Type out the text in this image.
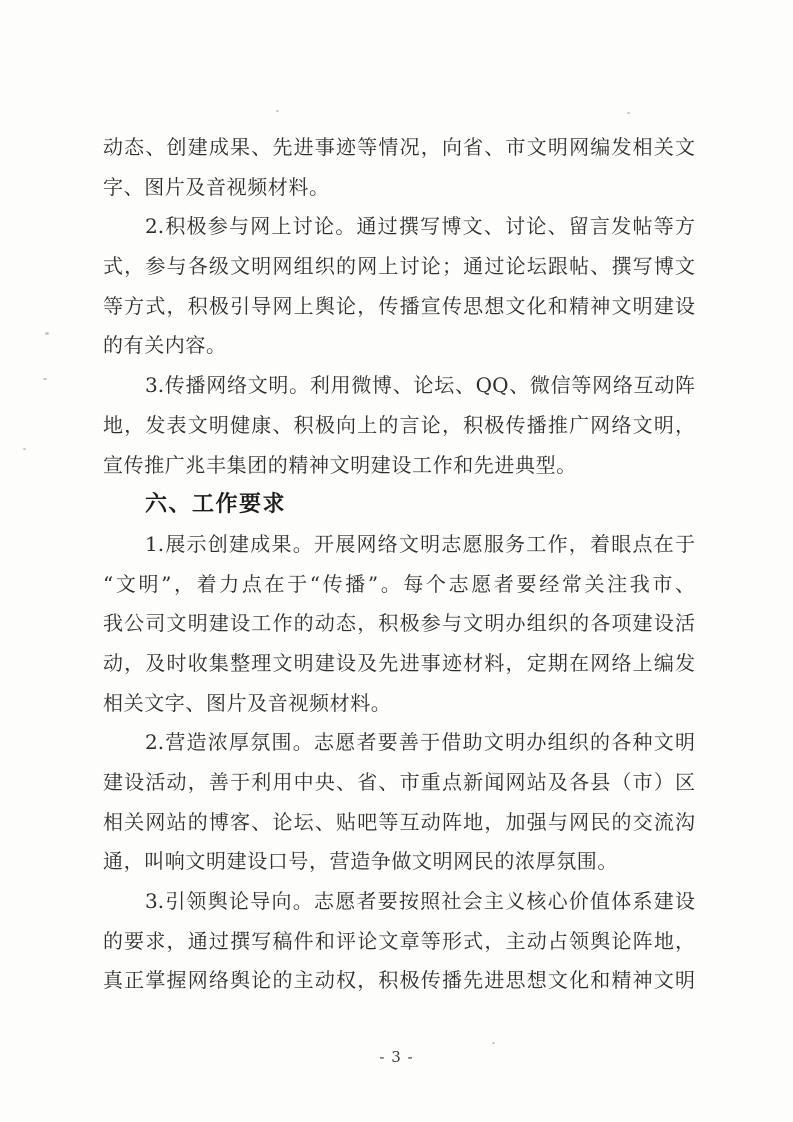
动态、创建成果、先进事迹等情况，向省、市文明网编发相关文
字、图片及音视频材料。
2.积极参与网上讨论。通过撰写博文、讨论、留言发帖等方
式，参与各级文明网组织的网上讨论；通过论坛跟帖、撰写博文
等方式，积极引导网上舆论，传播宣传思想文化和精神文明建设
的有关内容。
3.传播网络文明。利用微博、论坛、QQ、微信等网络互动阵
地，发表文明健康、积极向上的言论，积极传播推广网络文明，
宣传推广兆丰集团的精神文明建设工作和先进典型。
六、工作要求
1.展示创建成果。开展网络文明志愿服务工作，着眼点在于
“文明”，着力点在于“传播”。每个志愿者要经常关注我市、
我公司文明建设工作的动态，积极参与文明办组织的各项建设活
动，及时收集整理文明建设及先进事迹材料，定期在网络上编发
相关文字、图片及音视频材料。
2.营造浓厚氛围。志愿者要善于借助文明办组织的各种文明
建设活动，善于利用中央、省、市重点新闻网站及各县（市）区
相关网站的博客、论坛、贴吧等互动阵地，加强与网民的交流沟
通，叫响文明建设口号，营造争做文明网民的浓厚氛围。
3.引领舆论导向。志愿者要按照社会主义核心价值体系建设
的要求，通过撰写稿件和评论文章等形式，主动占领舆论阵地，
真正掌握网络舆论的主动权，积极传播先进思想文化和精神文明
- 3 -
